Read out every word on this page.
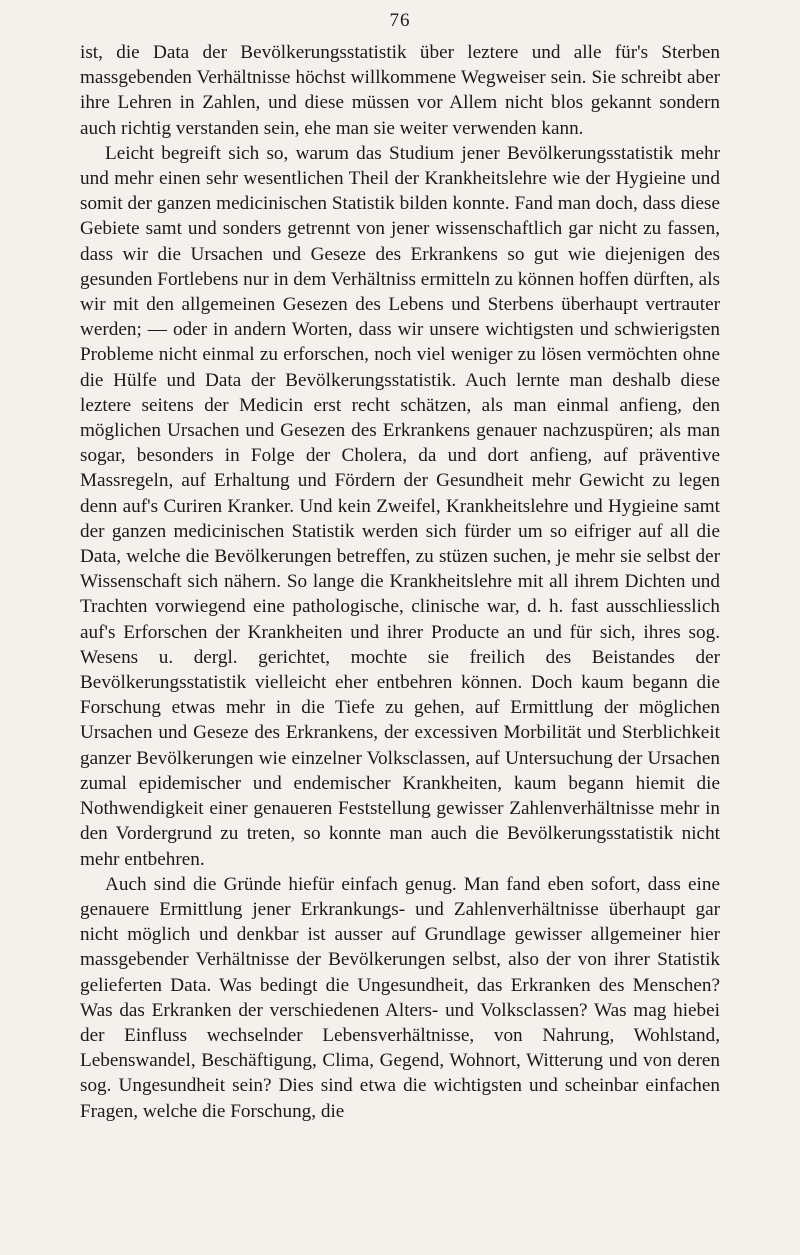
76

ist, die Data der Bevölkerungsstatistik über leztere und alle für's Sterben massgebenden Verhältnisse höchst willkommene Wegweiser sein. Sie schreibt aber ihre Lehren in Zahlen, und diese müssen vor Allem nicht blos gekannt sondern auch richtig verstanden sein, ehe man sie weiter verwenden kann.

Leicht begreift sich so, warum das Studium jener Bevölkerungsstatistik mehr und mehr einen sehr wesentlichen Theil der Krankheitslehre wie der Hygieine und somit der ganzen medicinischen Statistik bilden konnte. Fand man doch, dass diese Gebiete samt und sonders getrennt von jener wissenschaftlich gar nicht zu fassen, dass wir die Ursachen und Geseze des Erkrankens so gut wie diejenigen des gesunden Fortlebens nur in dem Verhältniss ermitteln zu können hoffen dürften, als wir mit den allgemeinen Gesezen des Lebens und Sterbens überhaupt vertrauter werden; — oder in andern Worten, dass wir unsere wichtigsten und schwierigsten Probleme nicht einmal zu erforschen, noch viel weniger zu lösen vermöchten ohne die Hülfe und Data der Bevölkerungsstatistik. Auch lernte man deshalb diese leztere seitens der Medicin erst recht schätzen, als man einmal anfieng, den möglichen Ursachen und Gesezen des Erkrankens genauer nachzuspüren; als man sogar, besonders in Folge der Cholera, da und dort anfieng, auf präventive Massregeln, auf Erhaltung und Fördern der Gesundheit mehr Gewicht zu legen denn auf's Curiren Kranker. Und kein Zweifel, Krankheitslehre und Hygieine samt der ganzen medicinischen Statistik werden sich fürder um so eifriger auf all die Data, welche die Bevölkerungen betreffen, zu stüzen suchen, je mehr sie selbst der Wissenschaft sich nähern. So lange die Krankheitslehre mit all ihrem Dichten und Trachten vorwiegend eine pathologische, clinische war, d. h. fast ausschliesslich auf's Erforschen der Krankheiten und ihrer Producte an und für sich, ihres sog. Wesens u. dergl. gerichtet, mochte sie freilich des Beistandes der Bevölkerungsstatistik vielleicht eher entbehren können. Doch kaum begann die Forschung etwas mehr in die Tiefe zu gehen, auf Ermittlung der möglichen Ursachen und Geseze des Erkrankens, der excessiven Morbilität und Sterblichkeit ganzer Bevölkerungen wie einzelner Volksclassen, auf Untersuchung der Ursachen zumal epidemischer und endemischer Krankheiten, kaum begann hiemit die Nothwendigkeit einer genaueren Feststellung gewisser Zahlenverhältnisse mehr in den Vordergrund zu treten, so konnte man auch die Bevölkerungsstatistik nicht mehr entbehren.

Auch sind die Gründe hiefür einfach genug. Man fand eben sofort, dass eine genauere Ermittlung jener Erkrankungs- und Zahlenverhältnisse überhaupt gar nicht möglich und denkbar ist ausser auf Grundlage gewisser allgemeiner hier massgebender Verhältnisse der Bevölkerungen selbst, also der von ihrer Statistik gelieferten Data. Was bedingt die Ungesundheit, das Erkranken des Menschen? Was das Erkranken der verschiedenen Alters- und Volksclassen? Was mag hiebei der Einfluss wechselnder Lebensverhältnisse, von Nahrung, Wohlstand, Lebenswandel, Beschäftigung, Clima, Gegend, Wohnort, Witterung und von deren sog. Ungesundheit sein? Dies sind etwa die wichtigsten und scheinbar einfachen Fragen, welche die Forschung, die
